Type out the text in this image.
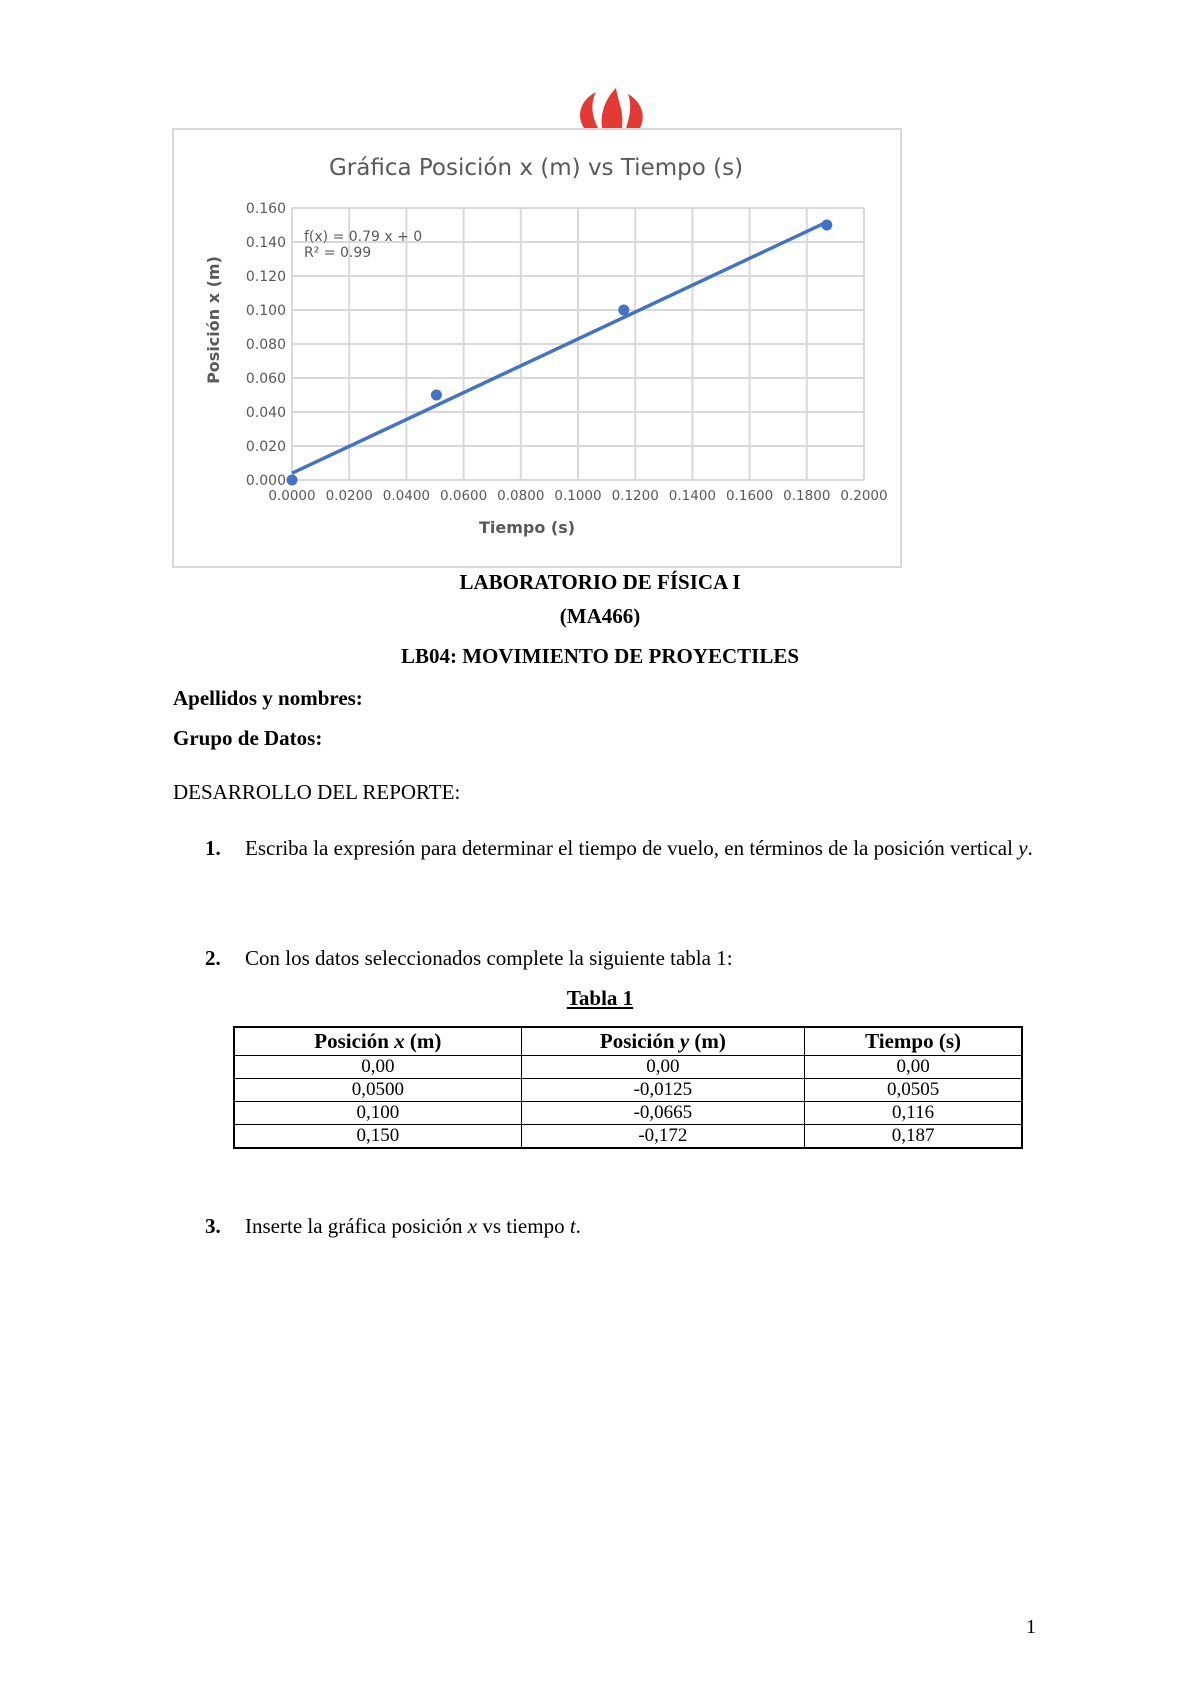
Gráfica Posición x (m) vs Tiempo (s)
Tiempo (s)
Posición x (m)
0.0000 0.0200 0.0400 0.0600 0.0800 0.1000 0.1200 0.1400 0.1600 0.1800 0.2000
0.000
0.020
0.040
0.060
0.080
0.100
0.120
0.140
0.160
f(x) = 0.79 x + 0
R² = 0.99
LABORATORIO DE FÍSICA I
(MA466)
LB04: MOVIMIENTO DE PROYECTILES
Apellidos y nombres:
Grupo de Datos:
DESARROLLO DEL REPORTE:
1. Escriba la expresión para determinar el tiempo de vuelo, en términos de la posición vertical y.
2. Con los datos seleccionados complete la siguiente tabla 1:
Tabla 1
Posición x (m)	Posición y (m)	Tiempo (s)
0,00	0,00	0,00
0,0500	-0,0125	0,0505
0,100	-0,0665	0,116
0,150	-0,172	0,187
3. Inserte la gráfica posición x vs tiempo t.
1
